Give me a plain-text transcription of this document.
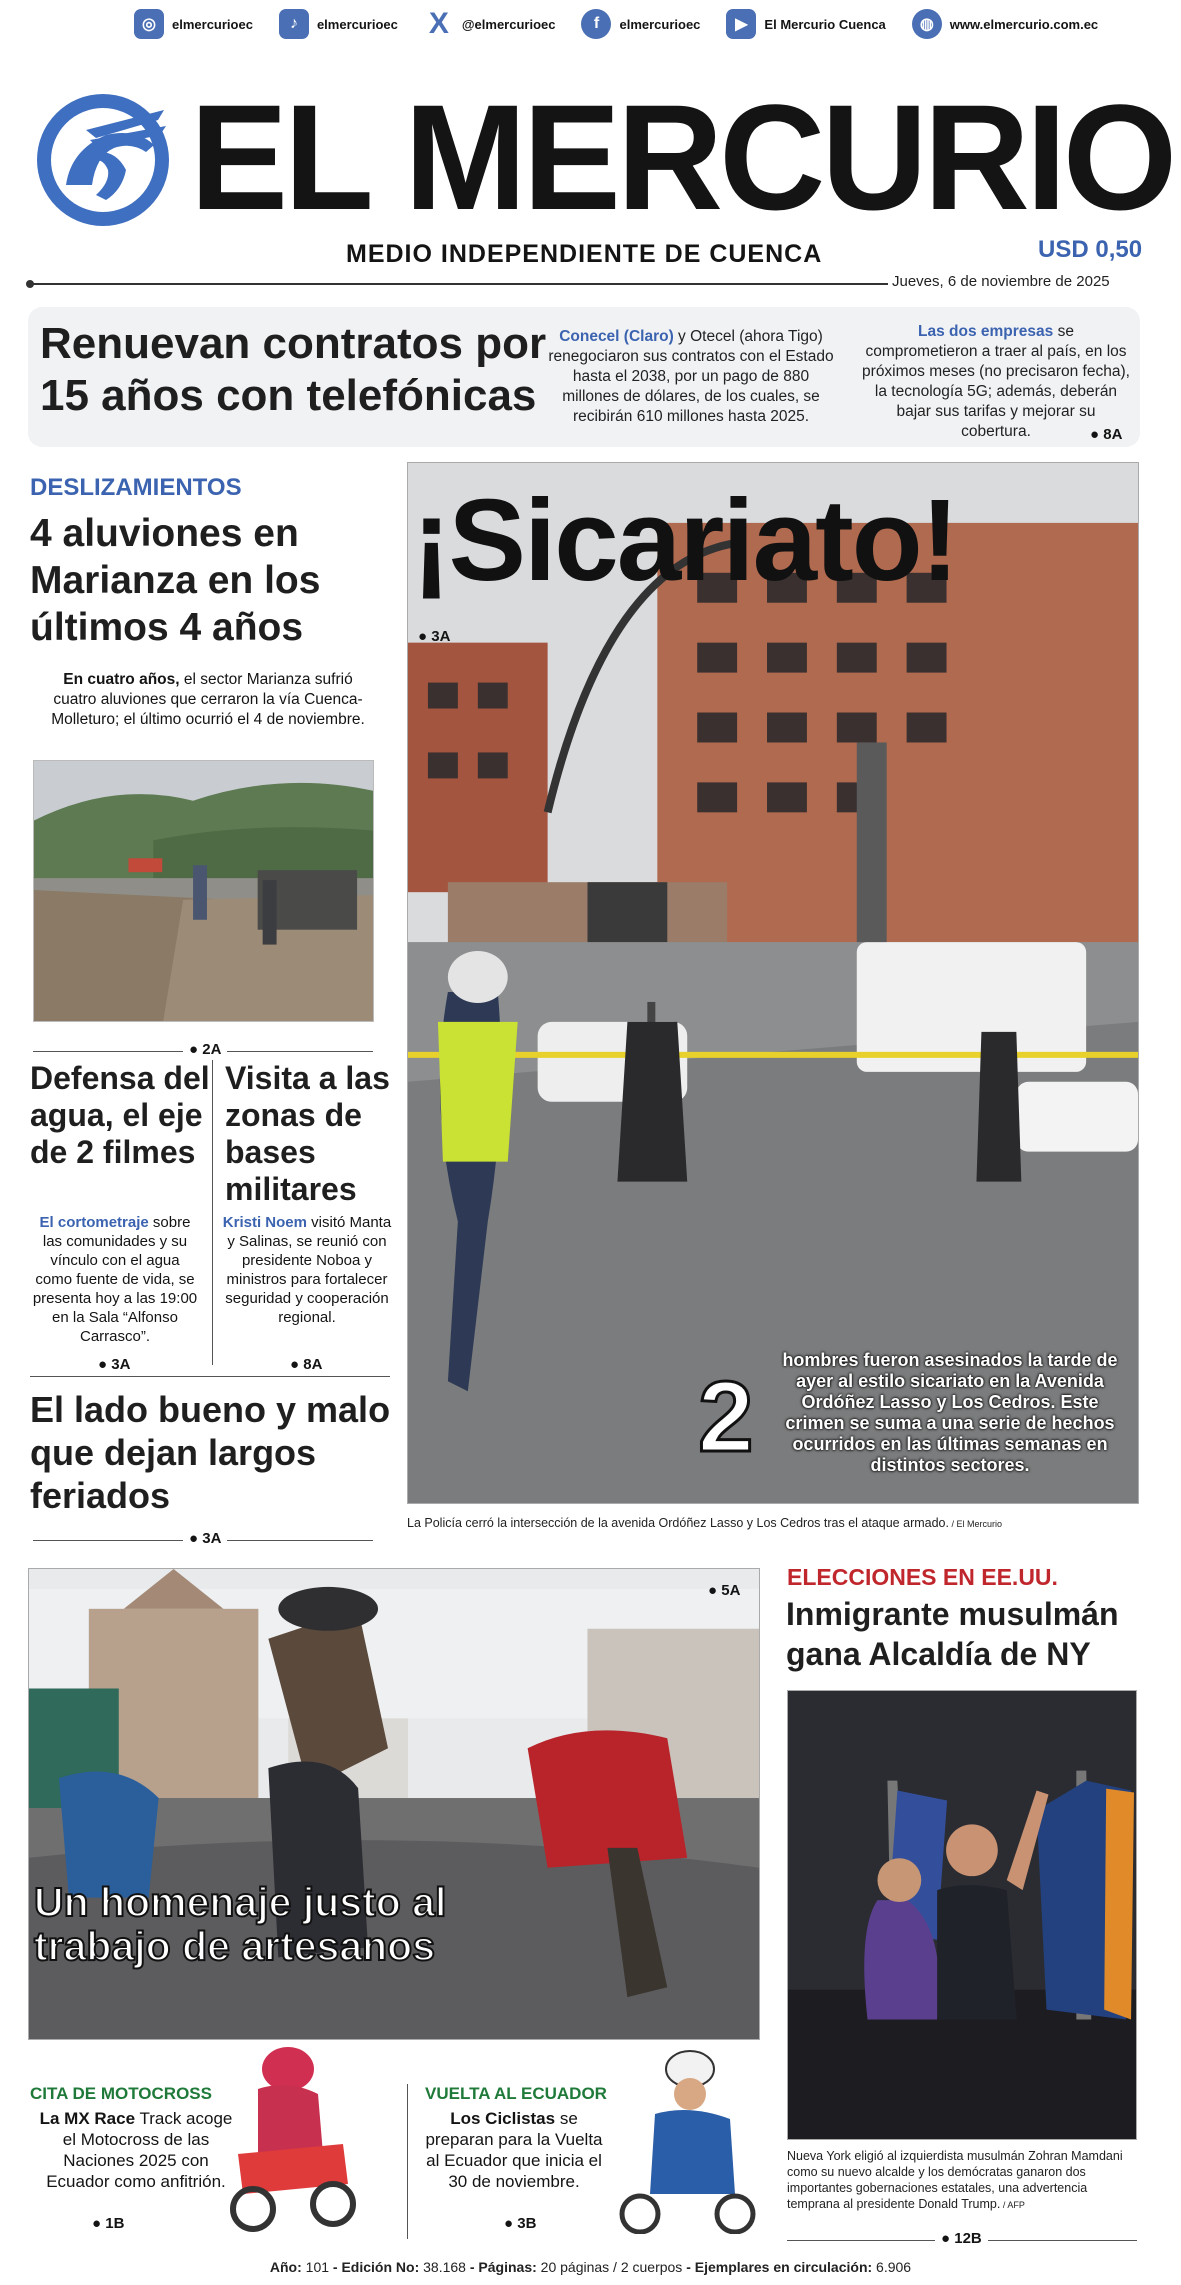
◎	elmercurioec	♪	elmercurioec X	@elmercurioec	f	elmercurioec	▶	El Mercurio Cuenca	◍	www.elmercurio.com.ec
EL MERCURIO
MEDIO INDEPENDIENTE DE CUENCA	USD 0,50
Jueves, 6 de noviembre de 2025
Renuevan contratos por 15 años con telefónicas
Conecel (Claro) y Otecel (ahora Tigo) renegociaron sus contratos con el Estado hasta el 2038, por un pago de 880 millones de dólares, de los cuales, se recibirán 610 millones hasta 2025.
Las dos empresas se comprometieron a traer al país, en los próximos meses (no precisaron fecha), la tecnología 5G; además, deberán bajar sus tarifas y mejorar su cobertura.	● 8A
DESLIZAMIENTOS
4 aluviones en Marianza en los últimos 4 años
En cuatro años, el sector Marianza sufrió cuatro aluviones que cerraron la vía Cuenca-Molleturo; el último ocurrió el 4 de noviembre.
● 2A
Defensa del agua, el eje de 2 filmes
El cortometraje sobre las comunidades y su vínculo con el agua como fuente de vida, se presenta hoy a las 19:00 en la Sala “Alfonso Carrasco”.
● 3A
Visita a las zonas de bases militares
Kristi Noem visitó Manta y Salinas, se reunió con presidente Noboa y ministros para fortalecer seguridad y cooperación regional.
● 8A
El lado bueno y malo que dejan largos feriados
● 3A
¡Sicariato!
● 3A
2
hombres fueron asesinados la tarde de ayer al estilo sicariato en la Avenida Ordóñez Lasso y Los Cedros. Este crimen se suma a una serie de hechos ocurridos en las últimas semanas en distintos sectores.
La Policía cerró la intersección de la avenida Ordóñez Lasso y Los Cedros tras el ataque armado. / El Mercurio
● 5A
Un homenaje justo al trabajo de artesanos
CITA DE MOTOCROSS
La MX Race Track acoge el Motocross de las Naciones 2025 con Ecuador como anfitrión.
● 1B
VUELTA AL ECUADOR
Los Ciclistas se preparan para la Vuelta al Ecuador que inicia el 30 de noviembre.
● 3B
ELECCIONES EN EE.UU.
Inmigrante musulmán gana Alcaldía de NY
Nueva York eligió al izquierdista musulmán Zohran Mamdani como su nuevo alcalde y los demócratas ganaron dos importantes gobernaciones estatales, una advertencia temprana al presidente Donald Trump. / AFP
● 12B
Año: 101 - Edición No: 38.168 - Páginas: 20 páginas / 2 cuerpos - Ejemplares en circulación: 6.906
